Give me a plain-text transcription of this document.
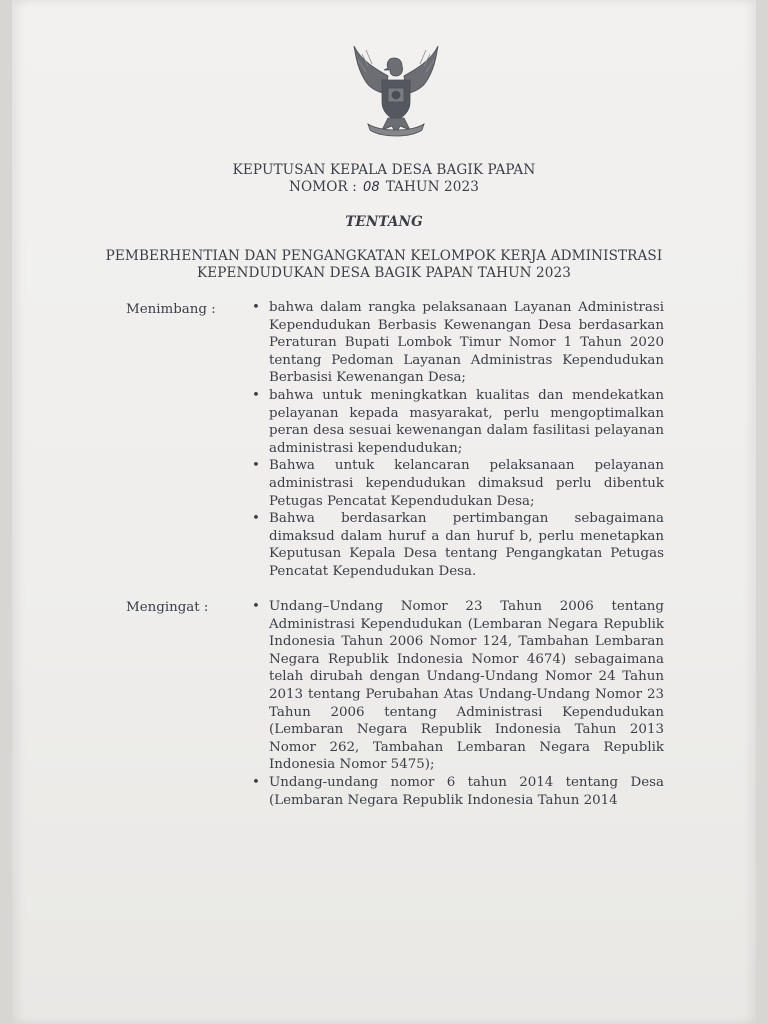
KEPUTUSAN KEPALA DESA BAGIK PAPAN
NOMOR : 08 TAHUN 2023
TENTANG
PEMBERHENTIAN DAN PENGANGKATAN KELOMPOK KERJA ADMINISTRASI
KEPENDUDUKAN DESA BAGIK PAPAN TAHUN 2023
Menimbang :	• bahwa dalam rangka pelaksanaan Layanan Administrasi Kependudukan Berbasis Kewenangan Desa berdasarkan Peraturan Bupati Lombok Timur Nomor 1 Tahun 2020 tentang Pedoman Layanan Administras Kependudukan Berbasisi Kewenangan Desa;
• bahwa untuk meningkatkan kualitas dan mendekatkan pelayanan kepada masyarakat, perlu mengoptimalkan peran desa sesuai kewenangan dalam fasilitasi pelayanan administrasi kependudukan;
• Bahwa untuk kelancaran pelaksanaan pelayanan administrasi kependudukan dimaksud perlu dibentuk Petugas Pencatat Kependudukan Desa;
• Bahwa berdasarkan pertimbangan sebagaimana dimaksud dalam huruf a dan huruf b, perlu menetapkan Keputusan Kepala Desa tentang Pengangkatan Petugas Pencatat Kependudukan Desa.
Mengingat :	• Undang–Undang Nomor 23 Tahun 2006 tentang Administrasi Kependudukan (Lembaran Negara Republik Indonesia Tahun 2006 Nomor 124, Tambahan Lembaran Negara Republik Indonesia Nomor 4674) sebagaimana telah dirubah dengan Undang-Undang Nomor 24 Tahun 2013 tentang Perubahan Atas Undang-Undang Nomor 23 Tahun 2006 tentang Administrasi Kependudukan (Lembaran Negara Republik Indonesia Tahun 2013 Nomor 262, Tambahan Lembaran Negara Republik Indonesia Nomor 5475);
• Undang-undang nomor 6 tahun 2014 tentang Desa (Lembaran Negara Republik Indonesia Tahun 2014
